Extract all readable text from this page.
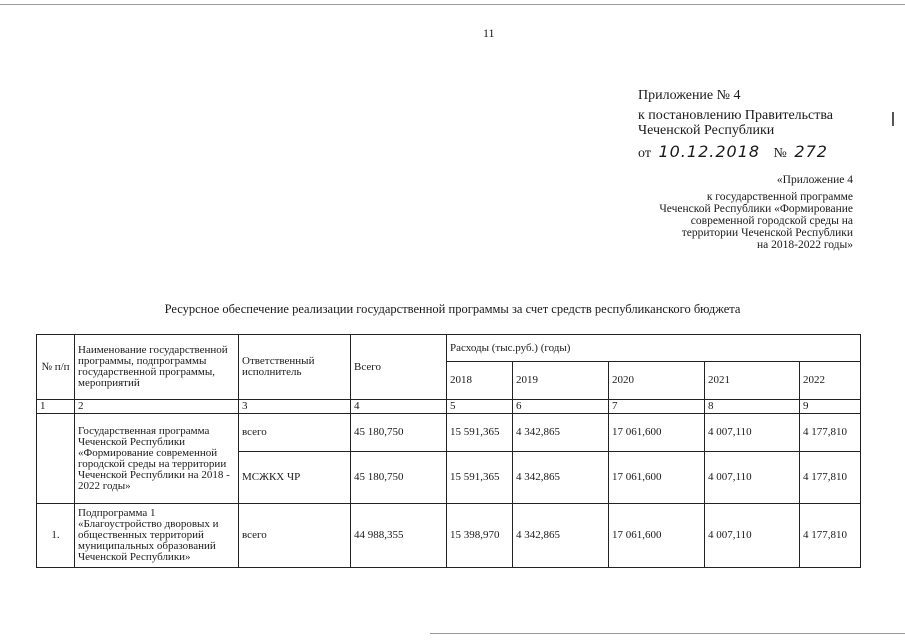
11
Приложение № 4
к постановлению Правительства
Чеченской Республики
от 10.12.2018 № 272
«Приложение 4
к государственной программе
Чеченской Республики «Формирование
современной городской среды на
территории Чеченской Республики
на 2018-2022 годы»
Ресурсное обеспечение реализации государственной программы за счет средств республиканского бюджета
№ п/п	Наименование государственной программы, подпрограммы государственной программы, мероприятий	Ответственный исполнитель	Всего	Расходы (тыс.руб.) (годы)				
				2018	2019	2020	2021	2022
1	2	3	4	5	6	7	8	9
	Государственная программа Чеченской Республики «Формирование современной городской среды на территории Чеченской Республики на 2018 - 2022 годы»	всего	45 180,750	15 591,365	4 342,865	17 061,600	4 007,110	4 177,810
		МСЖКХ ЧР	45 180,750	15 591,365	4 342,865	17 061,600	4 007,110	4 177,810
1.	Подпрограмма 1 «Благоустройство дворовых и общественных территорий муниципальных образований Чеченской Республики»	всего	44 988,355	15 398,970	4 342,865	17 061,600	4 007,110	4 177,810
